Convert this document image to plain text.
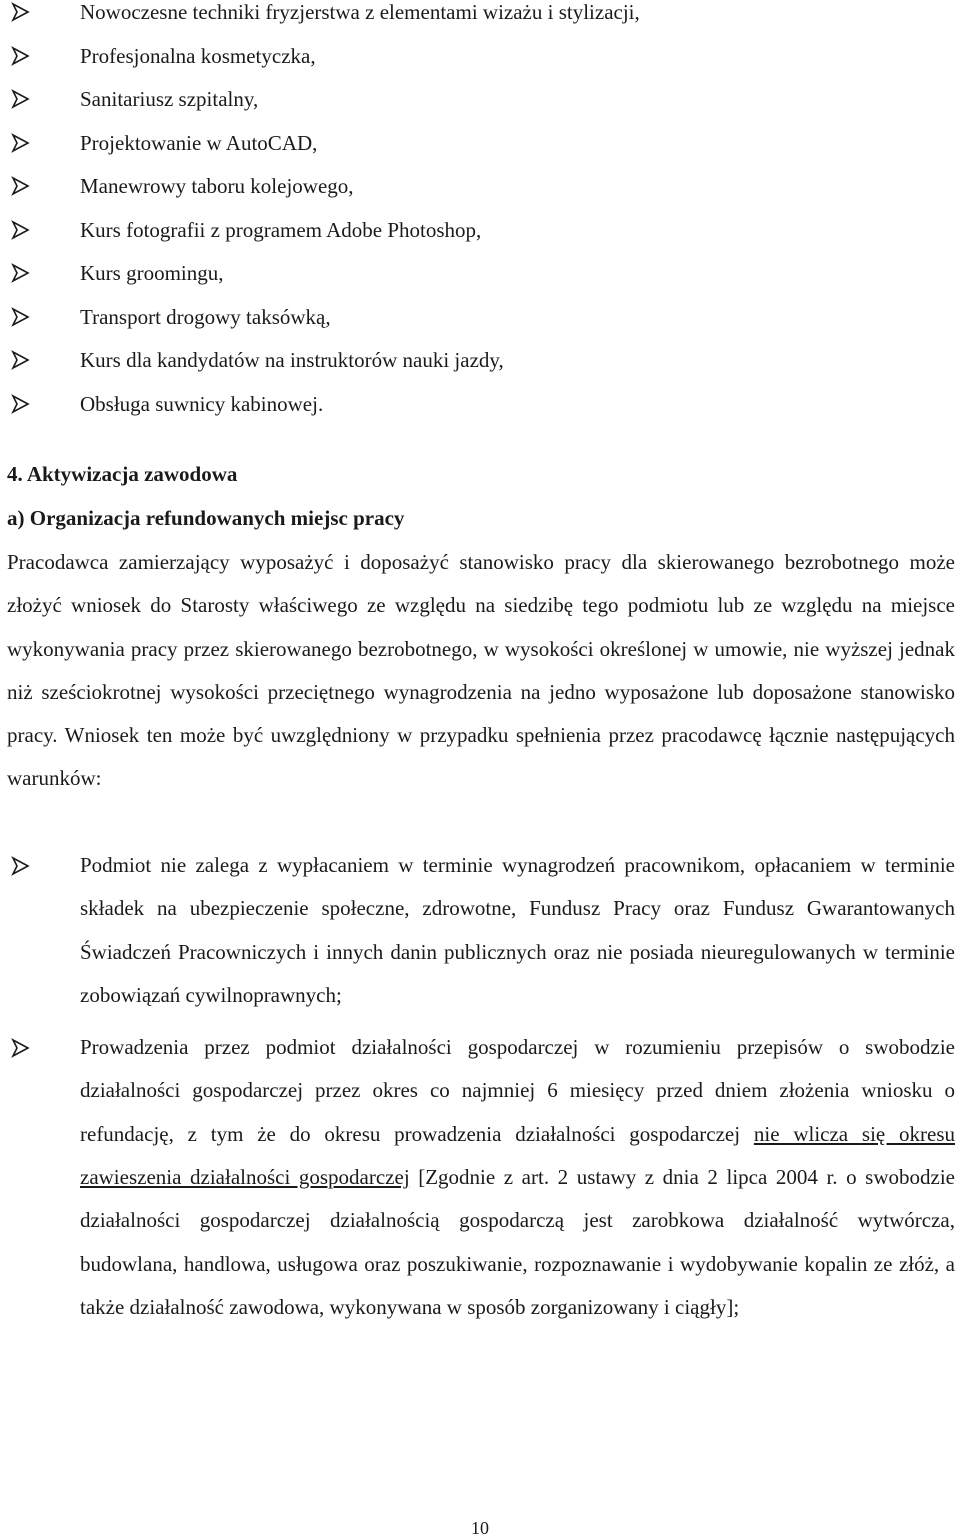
Nowoczesne techniki fryzjerstwa z elementami wizażu i stylizacji,
Profesjonalna kosmetyczka,
Sanitariusz szpitalny,
Projektowanie w AutoCAD,
Manewrowy taboru kolejowego,
Kurs fotografii z programem Adobe Photoshop,
Kurs groomingu,
Transport drogowy taksówką,
Kurs dla kandydatów na instruktorów nauki jazdy,
Obsługa suwnicy kabinowej.
4. Aktywizacja zawodowa
a) Organizacja refundowanych miejsc pracy

Pracodawca zamierzający wyposażyć i doposażyć stanowisko pracy dla skierowanego bezrobotnego może złożyć wniosek do Starosty właściwego ze względu na siedzibę tego podmiotu lub ze względu na miejsce wykonywania pracy przez skierowanego bezrobotnego, w wysokości określonej w umowie, nie wyższej jednak niż sześciokrotnej wysokości przeciętnego wynagrodzenia na jedno wyposażone lub doposażone stanowisko pracy. Wniosek ten może być uwzględniony w przypadku spełnienia przez pracodawcę łącznie następujących warunków:

Podmiot nie zalega z wypłacaniem w terminie wynagrodzeń pracownikom, opłacaniem w terminie składek na ubezpieczenie społeczne, zdrowotne, Fundusz Pracy oraz Fundusz Gwarantowanych Świadczeń Pracowniczych i innych danin publicznych oraz nie posiada nieuregulowanych w terminie zobowiązań cywilnoprawnych;
Prowadzenia przez podmiot działalności gospodarczej w rozumieniu przepisów o swobodzie działalności gospodarczej przez okres co najmniej 6 miesięcy przed dniem złożenia wniosku o refundację, z tym że do okresu prowadzenia działalności gospodarczej nie wlicza się okresu zawieszenia działalności gospodarczej [Zgodnie z art. 2 ustawy z dnia 2 lipca 2004 r. o swobodzie działalności gospodarczej działalnością gospodarczą jest zarobkowa działalność wytwórcza, budowlana, handlowa, usługowa oraz poszukiwanie, rozpoznawanie i wydobywanie kopalin ze złóż, a także działalność zawodowa, wykonywana w sposób zorganizowany i ciągły];
10
